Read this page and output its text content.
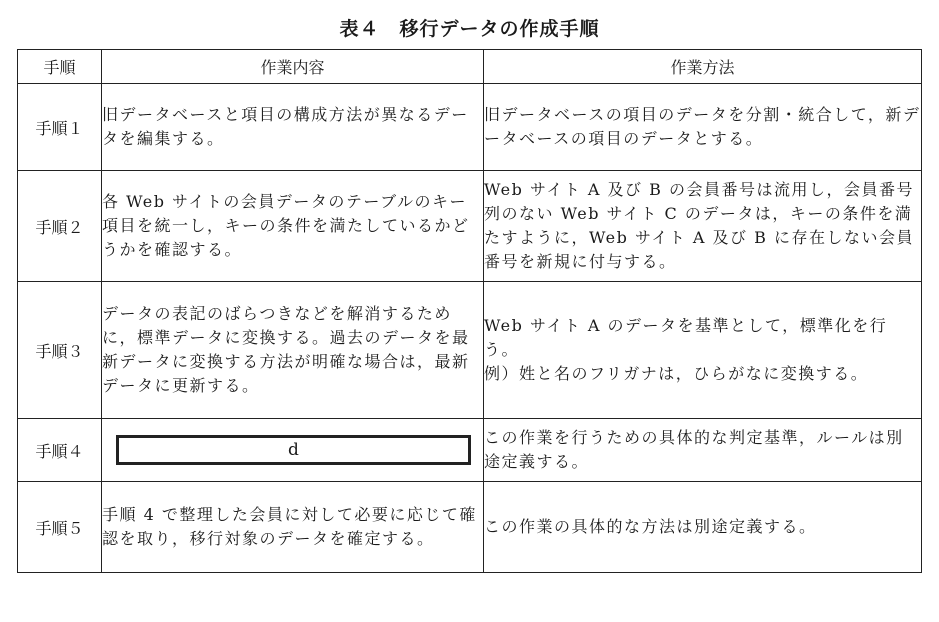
表４　移行データの作成手順
手順	作業内容	作業方法
手順１	旧データベースと項目の構成方法が異なるデータを編集する。	旧データベースの項目のデータを分割・統合して，新データベースの項目のデータとする。
手順２	各 Web サイトの会員データのテーブルのキー項目を統一し，キーの条件を満たしているかどうかを確認する。	Web サイト A 及び B の会員番号は流用し，会員番号列のない Web サイト C のデータは，キーの条件を満たすように，Web サイト A 及び B に存在しない会員番号を新規に付与する。
手順３	データの表記のばらつきなどを解消するために，標準データに変換する。過去のデータを最新データに変換する方法が明確な場合は，最新データに更新する。	Web サイト A のデータを基準として，標準化を行う。
例）姓と名のフリガナは，ひらがなに変換する。
手順４	d	この作業を行うための具体的な判定基準，ルールは別途定義する。
手順５	手順 4 で整理した会員に対して必要に応じて確認を取り，移行対象のデータを確定する。	この作業の具体的な方法は別途定義する。
